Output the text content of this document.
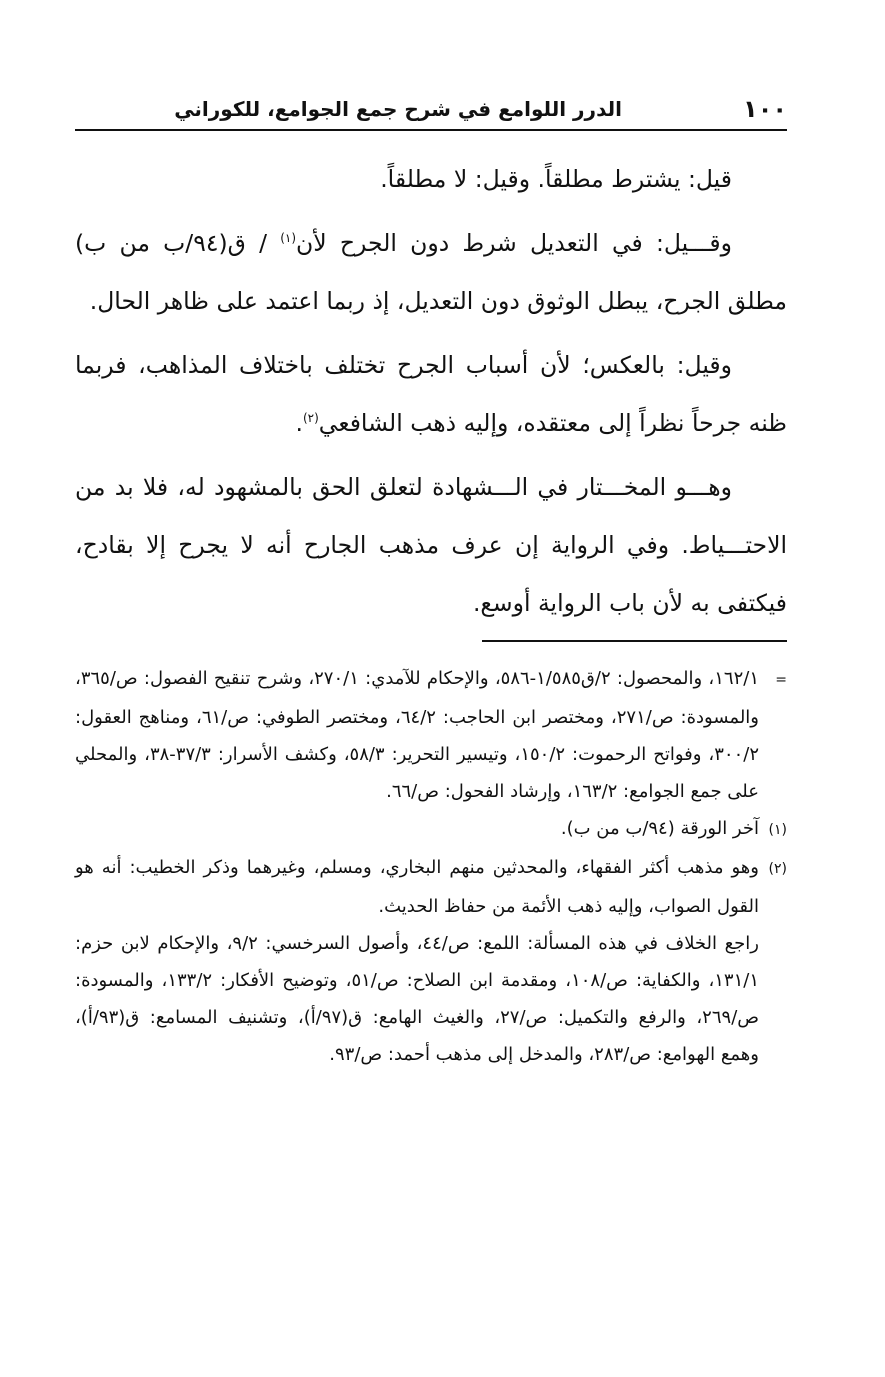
١٠٠
الدرر اللوامع في شرح جمع الجوامع، للكوراني

قيل: يشترط مطلقاً. وقيل: لا مطلقاً.

وقـــيل: في التعديل شرط دون الجرح لأن$^{(١)}$ / ق(٩٤/ب من ب) مطلق الجرح، يبطل الوثوق دون التعديل، إذ ربما اعتمد على ظاهر الحال.

وقيل: بالعكس؛ لأن أسباب الجرح تختلف باختلاف المذاهب، فربما ظنه جرحاً نظراً إلى معتقده، وإليه ذهب الشافعي$^{(٢)}$.

وهـــو المخـــتار في الـــشهادة لتعلق الحق بالمشهود له، فلا بد من الاحتـــياط. وفي الرواية إن عرف مذهب الجارح أنه لا يجرح إلا بقادح، فيكتفى به لأن باب الرواية أوسع.

=١٦٢/١، والمحصول: ٢/ق١/٥٨٥-٥٨٦، والإحكام للآمدي: ٢٧٠/١، وشرح تنقيح الفصول: ص/٣٦٥، والمسودة: ص/٢٧١، ومختصر ابن الحاجب: ٦٤/٢، ومختصر الطوفي: ص/٦١، ومناهج العقول: ٣٠٠/٢، وفواتح الرحموت: ١٥٠/٢، وتيسير التحرير: ٥٨/٣، وكشف الأسرار: ٣٧/٣-٣٨، والمحلي على جمع الجوامع: ١٦٣/٢، وإرشاد الفحول: ص/٦٦.

(١)آخر الورقة (٩٤/ب من ب).

(٢)وهو مذهب أكثر الفقهاء، والمحدثين منهم البخاري، ومسلم، وغيرهما وذكر الخطيب: أنه هو القول الصواب، وإليه ذهب الأئمة من حفاظ الحديث.

راجع الخلاف في هذه المسألة: اللمع: ص/٤٤، وأصول السرخسي: ٩/٢، والإحكام لابن حزم: ١٣١/١، والكفاية: ص/١٠٨، ومقدمة ابن الصلاح: ص/٥١، وتوضيح الأفكار: ١٣٣/٢، والمسودة: ص/٢٦٩، والرفع والتكميل: ص/٢٧، والغيث الهامع: ق(٩٧/أ)، وتشنيف المسامع: ق(٩٣/أ)، وهمع الهوامع: ص/٢٨٣، والمدخل إلى مذهب أحمد: ص/٩٣.
